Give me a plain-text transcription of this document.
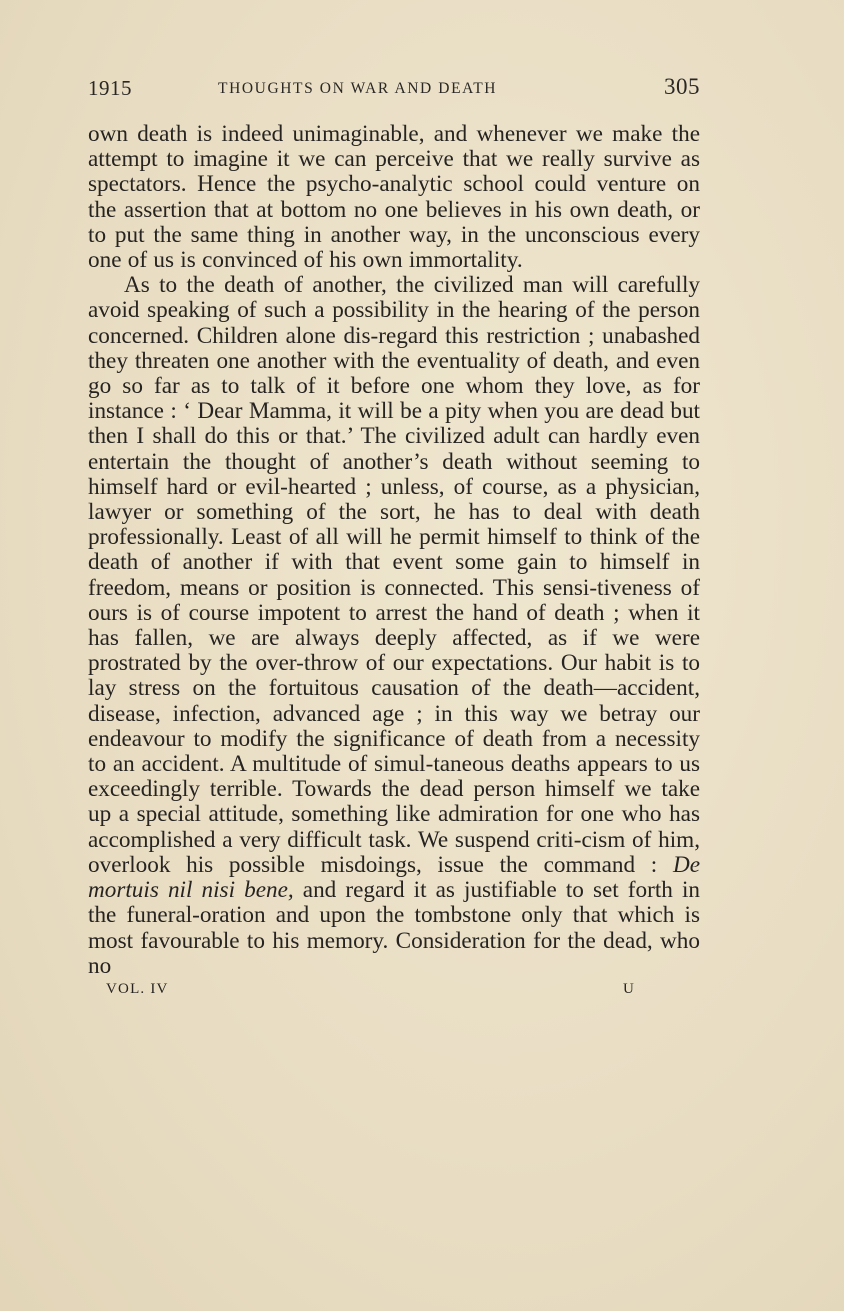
1915	THOUGHTS ON WAR AND DEATH	305

own death is indeed unimaginable, and whenever we make the attempt to imagine it we can perceive that we really survive as spectators. Hence the psycho-analytic school could venture on the assertion that at bottom no one believes in his own death, or to put the same thing in another way, in the unconscious every one of us is convinced of his own immortality.

As to the death of another, the civilized man will carefully avoid speaking of such a possibility in the hearing of the person concerned. Children alone dis-regard this restriction ; unabashed they threaten one another with the eventuality of death, and even go so far as to talk of it before one whom they love, as for instance : ‘ Dear Mamma, it will be a pity when you are dead but then I shall do this or that.’ The civilized adult can hardly even entertain the thought of another’s death without seeming to himself hard or evil-hearted ; unless, of course, as a physician, lawyer or something of the sort, he has to deal with death professionally. Least of all will he permit himself to think of the death of another if with that event some gain to himself in freedom, means or position is connected. This sensi-tiveness of ours is of course impotent to arrest the hand of death ; when it has fallen, we are always deeply affected, as if we were prostrated by the over-throw of our expectations. Our habit is to lay stress on the fortuitous causation of the death—accident, disease, infection, advanced age ; in this way we betray our endeavour to modify the significance of death from a necessity to an accident. A multitude of simul-taneous deaths appears to us exceedingly terrible. Towards the dead person himself we take up a special attitude, something like admiration for one who has accomplished a very difficult task. We suspend criti-cism of him, overlook his possible misdoings, issue the command : De mortuis nil nisi bene, and regard it as justifiable to set forth in the funeral-oration and upon the tombstone only that which is most favourable to his memory. Consideration for the dead, who no

VOL. IV	U
